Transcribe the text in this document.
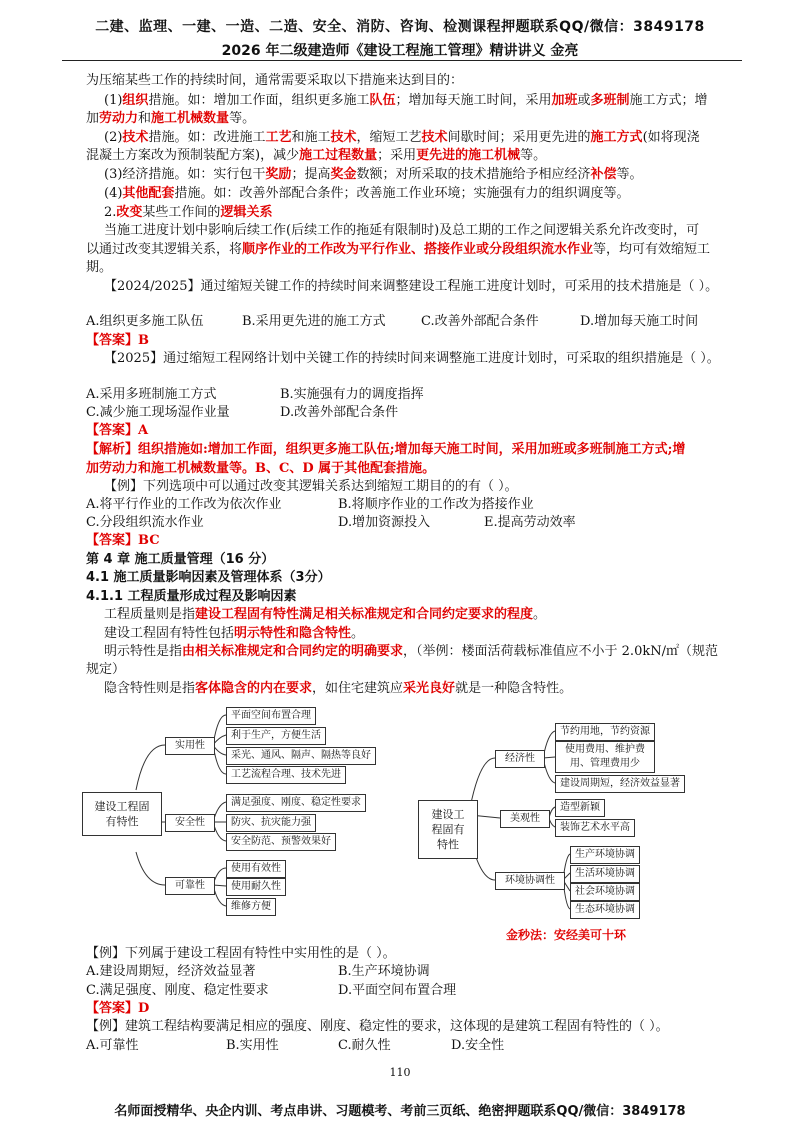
二建、监理、一建、一造、二造、安全、消防、咨询、检测课程押题联系QQ/微信：3849178
2026 年二级建造师《建设工程施工管理》精讲讲义 金亮
为压缩某些工作的持续时间，通常需要采取以下措施来达到目的：
(1)组织措施。如：增加工作面，组织更多施工队伍；增加每天施工时间，采用加班或多班制施工方式；增
加劳动力和施工机械数量等。
(2)技术措施。如：改进施工工艺和施工技术，缩短工艺技术间歇时间；采用更先进的施工方式(如将现浇
混凝土方案改为预制装配方案)，减少施工过程数量；采用更先进的施工机械等。
(3)经济措施。如：实行包干奖励；提高奖金数额；对所采取的技术措施给予相应经济补偿等。
(4)其他配套措施。如：改善外部配合条件；改善施工作业环境；实施强有力的组织调度等。
2.改变某些工作间的逻辑关系
当施工进度计划中影响后续工作(后续工作的拖延有限制时)及总工期的工作之间逻辑关系允许改变时，可
以通过改变其逻辑关系，将顺序作业的工作改为平行作业、搭接作业或分段组织流水作业等，均可有效缩短工
期。
【2024/2025】通过缩短关键工作的持续时间来调整建设工程施工进度计划时，可采用的技术措施是（ ）。
A.组织更多施工队伍	B.采用更先进的施工方式	C.改善外部配合条件	D.增加每天施工时间
【答案】B
【2025】通过缩短工程网络计划中关键工作的持续时间来调整施工进度计划时，可采取的组织措施是（ ）。
A.采用多班制施工方式	B.实施强有力的调度指挥
C.减少施工现场湿作业量	D.改善外部配合条件
【答案】A
【解析】组织措施如:增加工作面，组织更多施工队伍;增加每天施工时间，采用加班或多班制施工方式;增
加劳动力和施工机械数量等。B、C、D 属于其他配套措施。
【例】下列选项中可以通过改变其逻辑关系达到缩短工期目的的有（ ）。
A.将平行作业的工作改为依次作业	B.将顺序作业的工作改为搭接作业
C.分段组织流水作业	D.增加资源投入	E.提高劳动效率
【答案】BC
第 4 章 施工质量管理（16 分）
4.1 施工质量影响因素及管理体系（3分）
4.1.1 工程质量形成过程及影响因素
工程质量则是指建设工程固有特性满足相关标准规定和合同约定要求的程度。
建设工程固有特性包括明示特性和隐含特性。
明示特性是指由相关标准规定和合同约定的明确要求，（举例：楼面活荷载标准值应不小于 2.0kN/㎡（规范
规定）
隐含特性则是指客体隐含的内在要求，如住宅建筑应采光良好就是一种隐含特性。
建设工程固有特性
实用性
平面空间布置合理
利于生产，方便生活
采光、通风、隔声、隔热等良好
工艺流程合理、技术先进
安全性
满足强度、刚度、稳定性要求
防灾、抗灾能力强
安全防范、预警效果好
可靠性
使用有效性
使用耐久性
维修方便
建设工程固有特性
经济性
节约用地，节约资源
使用费用、维护费用、管理费用少
建设周期短，经济效益显著
美观性
造型新颖
装饰艺术水平高
环境协调性
生产环境协调
生活环境协调
社会环境协调
生态环境协调
金秒法：安经美可十环
【例】下列属于建设工程固有特性中实用性的是（ ）。
A.建设周期短，经济效益显著	B.生产环境协调
C.满足强度、刚度、稳定性要求	D.平面空间布置合理
【答案】D
【例】建筑工程结构要满足相应的强度、刚度、稳定性的要求，这体现的是建筑工程固有特性的（ ）。
A.可靠性	B.实用性	C.耐久性	D.安全性
110
名师面授精华、央企内训、考点串讲、习题模考、考前三页纸、绝密押题联系QQ/微信：3849178
